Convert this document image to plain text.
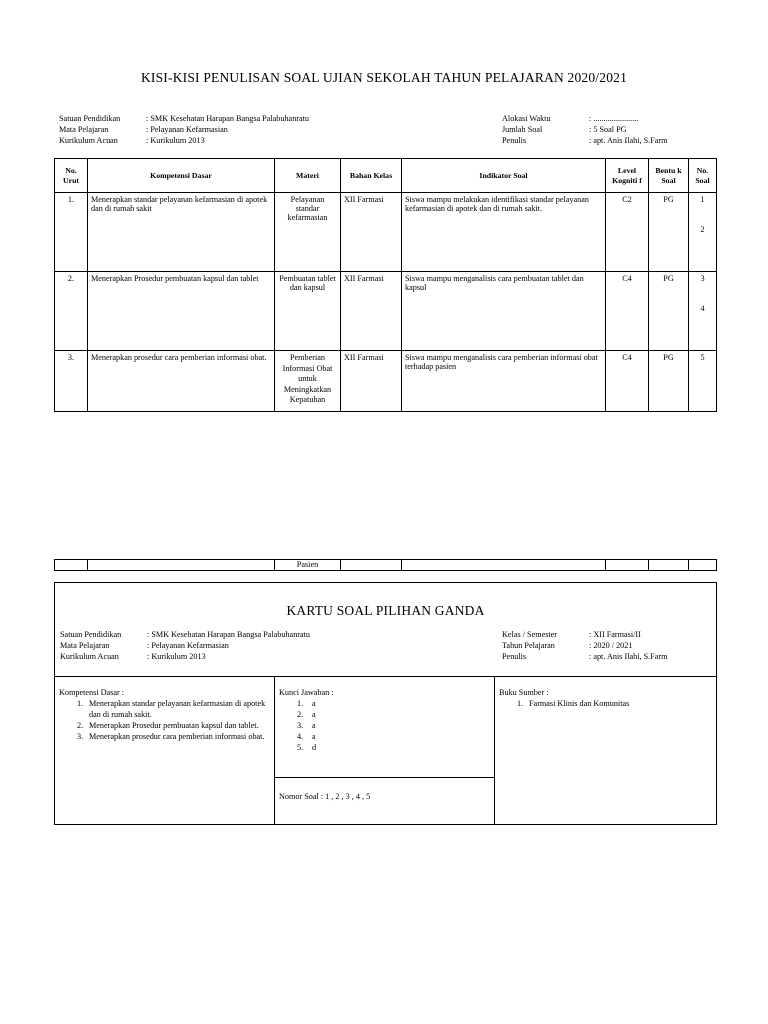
KISI-KISI PENULISAN SOAL UJIAN SEKOLAH TAHUN PELAJARAN 2020/2021
Satuan Pendidikan	: SMK Kesehatan Harapan Bangsa Palabuhanratu
Mata Pelajaran	: Pelayanan Kefarmasian
Kurikulum Acuan	: Kurikulum 2013
Alokasi Waktu	: ......................
Jumlah Soal	: 5 Soal PG
Penulis	: apt. Anis Ilahi, S.Farm
No. Urut	Kompetensi Dasar	Materi	Bahan Kelas	Indikator Soal	Level Kogniti f	Bentu k Soal	No. Soal
1.	Menerapkan standar pelayanan kefarmasian di apotek dan di rumah sakit	Pelayanan standar kefarmasian	XII Farmasi	Siswa mampu melakukan identifikasi standar pelayanan kefarmasian di apotek dan di rumah sakit.	C2	PG	1
2

2.	Menerapkan Prosedur pembuatan kapsul dan tablet	Pembuatan tablet dan kapsul	XII Farmasi	Siswa mampu menganalisis cara pembuatan tablet dan kapsul	C4	PG	3
4

3.	Menerapkan prosedur cara pemberian informasi obat.	Pemberian Informasi Obat untuk Meningkatkan Kepatuhan	XII Farmasi	Siswa mampu menganalisis cara pemberian informasi obat terhadap pasien	C4	PG	5
		Pasien					
KARTU SOAL PILIHAN GANDA
Satuan Pendidikan	: SMK Kesehatan Harapan Bangsa Palabuhanratu
Mata Pelajaran	: Pelayanan Kefarmasian
Kurikulum Acuan	: Kurikulum 2013
Kelas / Semester	: XII Farmasi/II
Tahun Pelajaran	: 2020 / 2021
Penulis	: apt. Anis Ilahi, S.Farm
Kompetensi Dasar :
1. Menerapkan standar pelayanan kefarmasian di apotek dan di rumah sakit.
2. Menerapkan Prosedur pembuatan kapsul dan tablet.
3. Menerapkan prosedur cara pemberian informasi obat.
Kunci Jawaban :
1. a
2. a
3. a
4. a
5. d
Nomor Soal : 1 , 2 , 3 , 4 , 5
Buku Sumber :
1. Farmasi Klinis dan Komunitas
